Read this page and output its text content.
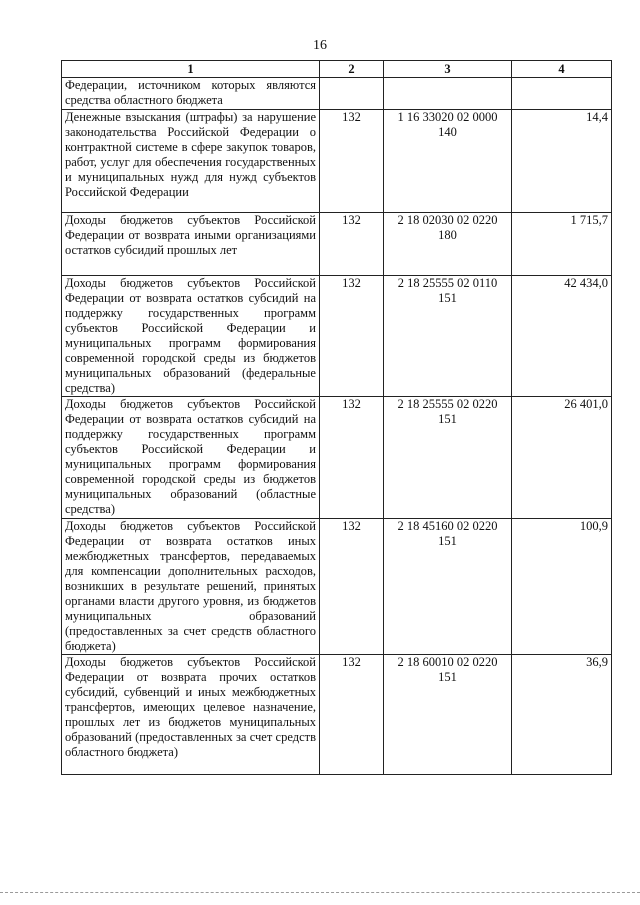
16
1	2	3	4
Федерации, источником которых являются средства областного бюджета			
Денежные взыскания (штрафы) за нарушение законодательства Российской Федерации о контрактной системе в сфере закупок товаров, работ, услуг для обеспечения государственных и муниципальных нужд для нужд субъектов Российской Федерации	132	1 16 33020 02 0000 140	14,4
Доходы бюджетов субъектов Российской Федерации от возврата иными организациями остатков субсидий прошлых лет	132	2 18 02030 02 0220 180	1 715,7
Доходы бюджетов субъектов Российской Федерации от возврата остатков субсидий на поддержку государственных программ субъектов Российской Федерации и муниципальных программ формирования современной городской среды из бюджетов муниципальных образований (федеральные средства)	132	2 18 25555 02 0110 151	42 434,0
Доходы бюджетов субъектов Российской Федерации от возврата остатков субсидий на поддержку государственных программ субъектов Российской Федерации и муниципальных программ формирования современной городской среды из бюджетов муниципальных образований (областные средства)	132	2 18 25555 02 0220 151	26 401,0
Доходы бюджетов субъектов Российской Федерации от возврата остатков иных межбюджетных трансфертов, передаваемых для компенсации дополнительных расходов, возникших в результате решений, принятых органами власти другого уровня, из бюджетов муниципальных образований (предоставленных за счет средств областного бюджета)	132	2 18 45160 02 0220 151	100,9
Доходы бюджетов субъектов Российской Федерации от возврата прочих остатков субсидий, субвенций и иных межбюджетных трансфертов, имеющих целевое назначение, прошлых лет из бюджетов муниципальных образований (предоставленных за счет средств областного бюджета)	132	2 18 60010 02 0220 151	36,9
